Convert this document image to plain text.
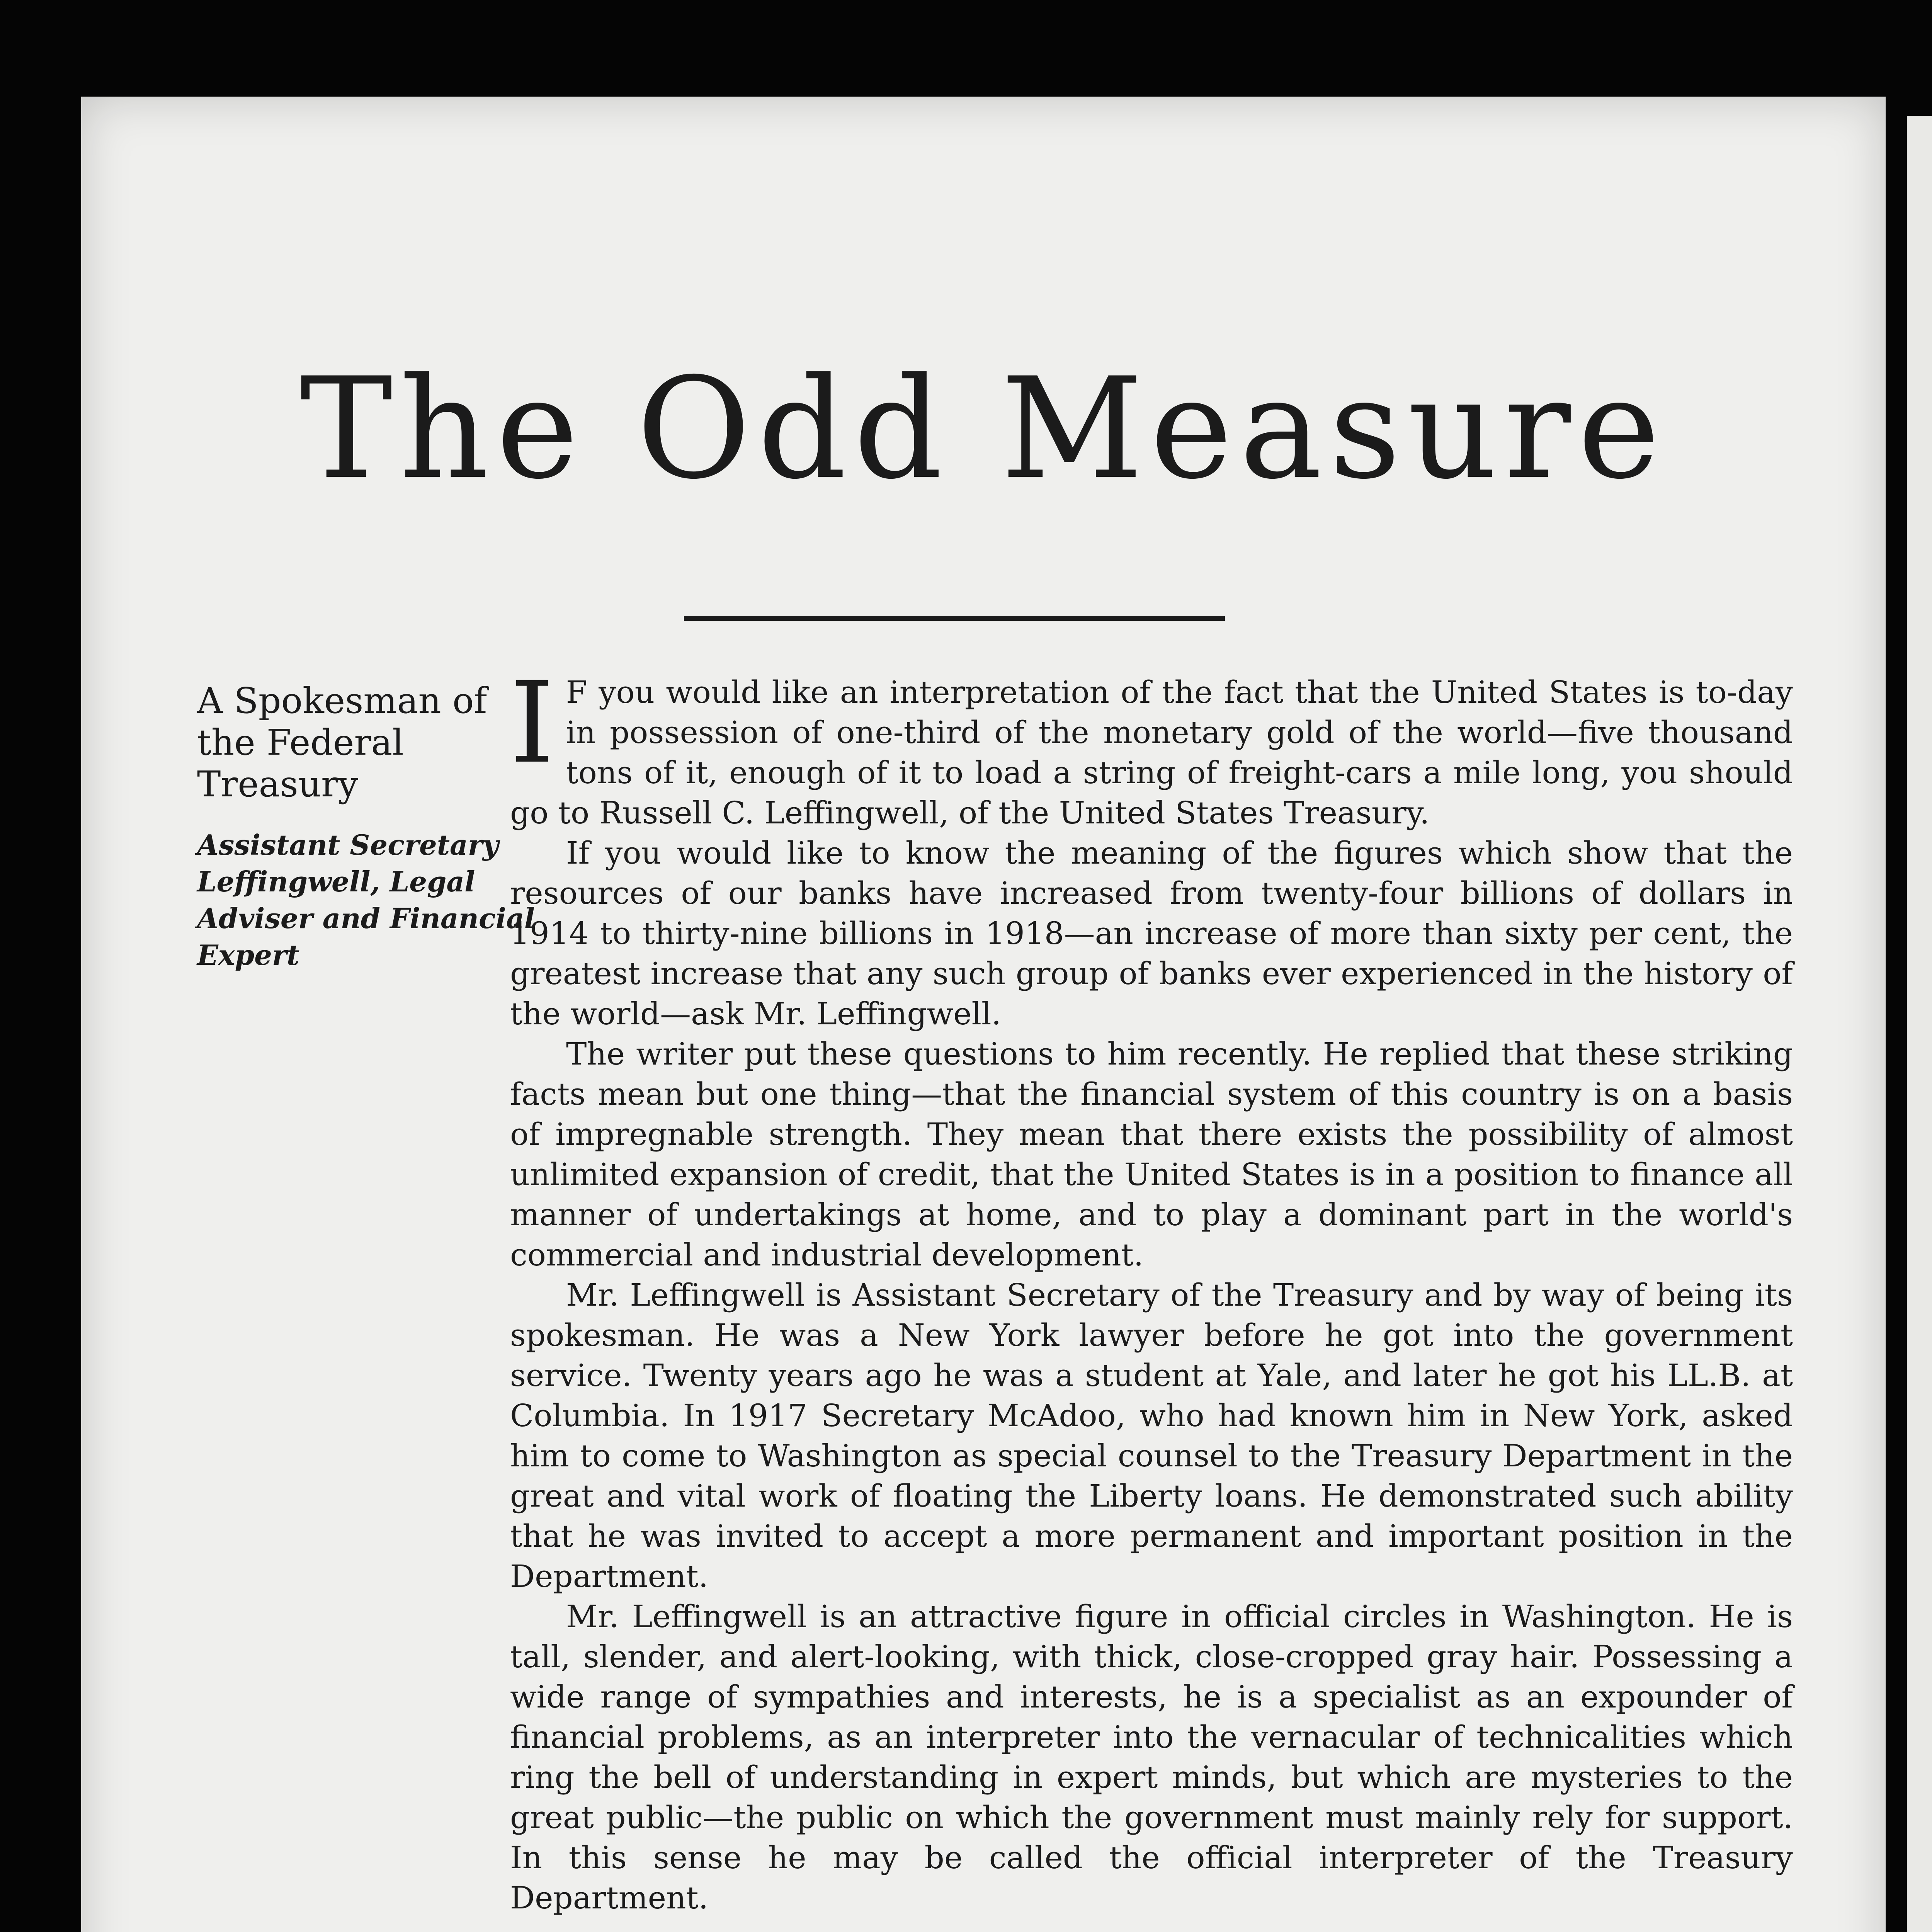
The Odd Measure

A Spokesman of the Federal Treasury

Assistant Secretary Leffingwell, Legal Adviser and Financial Expert

I F you would like an interpretation of the fact that the United States is to-day in possession of one-third of the monetary gold of the world—five thousand tons of it, enough of it to load a string of freight-cars a mile long, you should go to Russell C. Leffingwell, of the United States Treasury.

If you would like to know the meaning of the figures which show that the resources of our banks have increased from twenty-four billions of dollars in 1914 to thirty-nine billions in 1918—an increase of more than sixty per cent, the greatest increase that any such group of banks ever experienced in the history of the world—ask Mr. Leffingwell.

The writer put these questions to him recently. He replied that these striking facts mean but one thing—that the financial system of this country is on a basis of impregnable strength. They mean that there exists the possibility of almost unlimited expansion of credit, that the United States is in a position to finance all manner of undertakings at home, and to play a dominant part in the world's commercial and industrial development.

Mr. Leffingwell is Assistant Secretary of the Treasury and by way of being its spokesman. He was a New York lawyer before he got into the government service. Twenty years ago he was a student at Yale, and later he got his LL.B. at Columbia. In 1917 Secretary McAdoo, who had known him in New York, asked him to come to Washington as special counsel to the Treasury Department in the great and vital work of floating the Liberty loans. He demonstrated such ability that he was invited to accept a more permanent and important position in the Department.

Mr. Leffingwell is an attractive figure in official circles in Washington. He is tall, slender, and alert-looking, with thick, close-cropped gray hair. Possessing a wide range of sympathies and interests, he is a specialist as an expounder of financial problems, as an interpreter into the vernacular of technicalities which ring the bell of understanding in expert minds, but which are mysteries to the great public—the public on which the government must mainly rely for support. In this sense he may be called the official interpreter of the Treasury Department.
